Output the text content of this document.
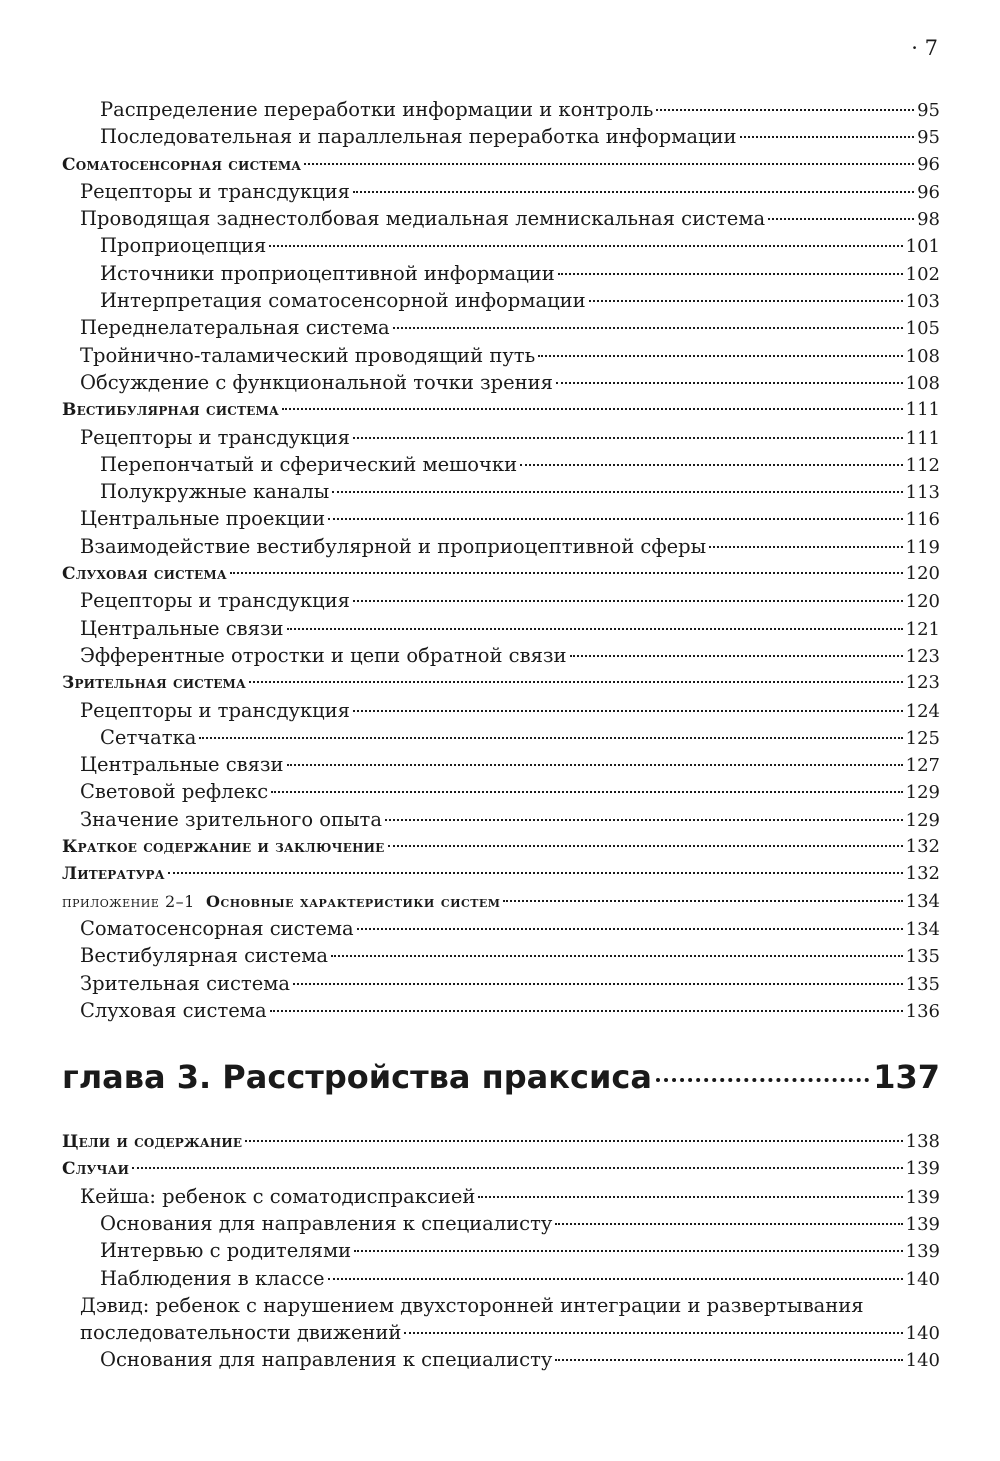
· 7
Распределение переработки информации и контроль	95
Последовательная и параллельная переработка информации	95
Соматосенсорная система	96
Рецепторы и трансдукция	96
Проводящая заднестолбовая медиальная лемнискальная система	98
Проприоцепция	101
Источники проприоцептивной информации	102
Интерпретация соматосенсорной информации	103
Переднелатеральная система	105
Тройнично-таламический проводящий путь	108
Обсуждение с функциональной точки зрения	108
Вестибулярная система	111
Рецепторы и трансдукция	111
Перепончатый и сферический мешочки	112
Полукружные каналы	113
Центральные проекции	116
Взаимодействие вестибулярной и проприоцептивной сферы	119
Слуховая система	120
Рецепторы и трансдукция	120
Центральные связи	121
Эфферентные отростки и цепи обратной связи	123
Зрительная система	123
Рецепторы и трансдукция	124
Сетчатка	125
Центральные связи	127
Световой рефлекс	129
Значение зрительного опыта	129
Краткое содержание и заключение	132
Литература	132
приложение 2–1 Основные характеристики систем	134
Соматосенсорная система	134
Вестибулярная система	135
Зрительная система	135
Слуховая система	136
глава 3. Расстройства праксиса	137
Цели и содержание	138
Случаи	139
Кейша: ребенок с соматодиспраксией	139
Основания для направления к специалисту	139
Интервью с родителями	139
Наблюдения в классе	140
Дэвид: ребенок с нарушением двухсторонней интеграции и развертывания
последовательности движений	140
Основания для направления к специалисту	140
